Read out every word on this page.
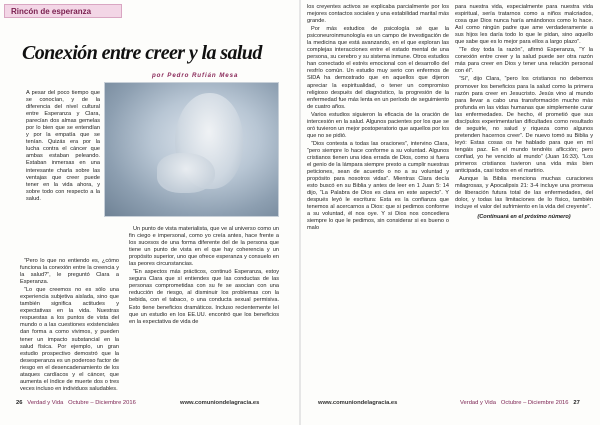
Rincón de esperanza
Conexión entre creer y la salud
por Pedro Rufián Mesa

A pesar del poco tiempo que se conocían, y de la diferencia del nivel cultural entre Esperanza y Clara, parecían dos almas gemelas por lo bien que se entendían y por la empatía que se tenían. Quizás era por la lucha contra el cáncer que ambas estaban peleando. Estaban inmersas en una interesante charla sobre las ventajas que creer puede tener en la vida ahora, y sobre todo con respecto a la salud.

“Pero lo que no entiendo es, ¿cómo funciona la conexión entre la creencia y la salud?”, le preguntó Clara a Esperanza.

“Lo que creemos no es sólo una experiencia subjetiva aislada, sino que también significa actitudes y expectativas en la vida. Nuestras respuestas a los puntos de vista del mundo o a las cuestiones existenciales dan forma a como vivimos, y pueden tener un impacto substancial en la salud física. Por ejemplo, un gran estudio prospectivo demostró que la desesperanza es un poderoso factor de riesgo en el desencadenamiento de los ataques cardíacos y el cáncer, que aumenta el índice de muerte dos o tres veces incluso en individuos saludables.

Un punto de vista materialista, que ve al universo como un fin ciego e impersonal, como yo creía antes, hace frente a los sucesos de una forma diferente del de la persona que tiene un punto de vista en el que hay coherencia y un propósito superior, uno que ofrece esperanza y consuelo en las peores circunstancias.

“En aspectos más prácticos, continuó Esperanza, estoy segura Clara que sí entiendes que las conductas de las personas comprometidas con su fe se asocian con una reducción de riesgo, al disminuir los problemas con la bebida, con el tabaco, o una conducta sexual permisiva. Esto tiene beneficios dramáticos. Incluso recientemente leí que un estudio en los EE.UU. encontró que los beneficios en la expectativa de vida de

los creyentes activos se explicaba parcialmente por los mejores contactos sociales y una estabilidad marital más grande.

Por más estudios de psicología sé que la psiconeuroinmunología es un campo de investigación de la medicina que está avanzando, en el que exploran las complejas interacciones entre el estado mental de una persona, su cerebro y su sistema inmune. Otros estudios han conectado el estrés emocional con el desarrollo del resfrío común. Un estudio muy serio con enfermos de SIDA ha demostrado que en aquellos que dijeron apreciar la espiritualidad, o tener un compromiso religioso después del diagnóstico, la progresión de la enfermedad fue más lenta en un período de seguimiento de cuatro años.

Varios estudios siguieron la eficacia de la oración de intercesión en la salud. Algunos pacientes por los que se oró tuvieron un mejor postoperatorio que aquellos por los que no se pidió.

“Dios contesta a todas las oraciones”, intervino Clara, “pero siempre lo hace conforme a su voluntad. Algunos cristianos tienen una idea errada de Dios, como si fuera el genio de la lámpara siempre presto a cumplir nuestras peticiones, sean de acuerdo o no a su voluntad y propósito para nosotros vidas”. Mientras Clara decía esto buscó en su Biblia y antes de leer en 1 Juan 5: 14 dijo, “La Palabra de Dios es clara en este aspecto”. Y después leyó le escritura: Esta es la confianza que tenemos al acercarnos a Dios: que si pedimos conforme a su voluntad, él nos oye. Y si Dios nos concediera siempre lo que le pedimos, sin considerar si es bueno o malo

para nuestra vida, especialmente para nuestra vida espiritual, sería tratarnos como a niños malcriados, cosa que Dios nunca haría amándonos como lo hace. Así como ningún padre que ame verdaderamente a sus hijos les daría todo lo que le pidan, sino aquello que sabe que es lo mejor para ellos a largo plazo”.

“Te doy toda la razón”, afirmó Esperanza, “Y la conexión entre creer y la salud puede ser otra razón más para creer en Dios y tener una relación personal con él”.

“Sí”, dijo Clara, “pero los cristianos no debemos promover los beneficios para la salud como la primera razón para creer en Jesucristo. Jesús vino al mundo para llevar a cabo una transformación mucho más profunda en las vidas humanas que simplemente curar las enfermedades. De hecho, él prometió que sus discípulos experimentarían dificultades como resultado de seguirle, no salud y riqueza como algunos pretenden hacernos creer”. De nuevo tomó su Biblia y leyó: Estas cosas os he hablado para que en mí tengáis paz. En el mundo tendréis aflicción; pero confiad, yo he vencido al mundo” (Juan 16:33). “Los primeros cristianos tuvieron una vida más bien anticipada, casi todos en el martirio.

Aunque la Biblia menciona muchas curaciones milagrosas, y Apocalipsis 21: 3-4 incluye una promesa de liberación futura total de las enfermedades, del dolor, y todas las limitaciones de lo físico, también incluye el valor del sufrimiento en la vida del creyente”.

(Continuará en el próximo número)
26 Verdad y Vida Octubre – Diciembre 2016	www.comuniondelagracia.es	www.comuniondelagracia.es	Verdad y Vida Octubre – Diciembre 2016 27
